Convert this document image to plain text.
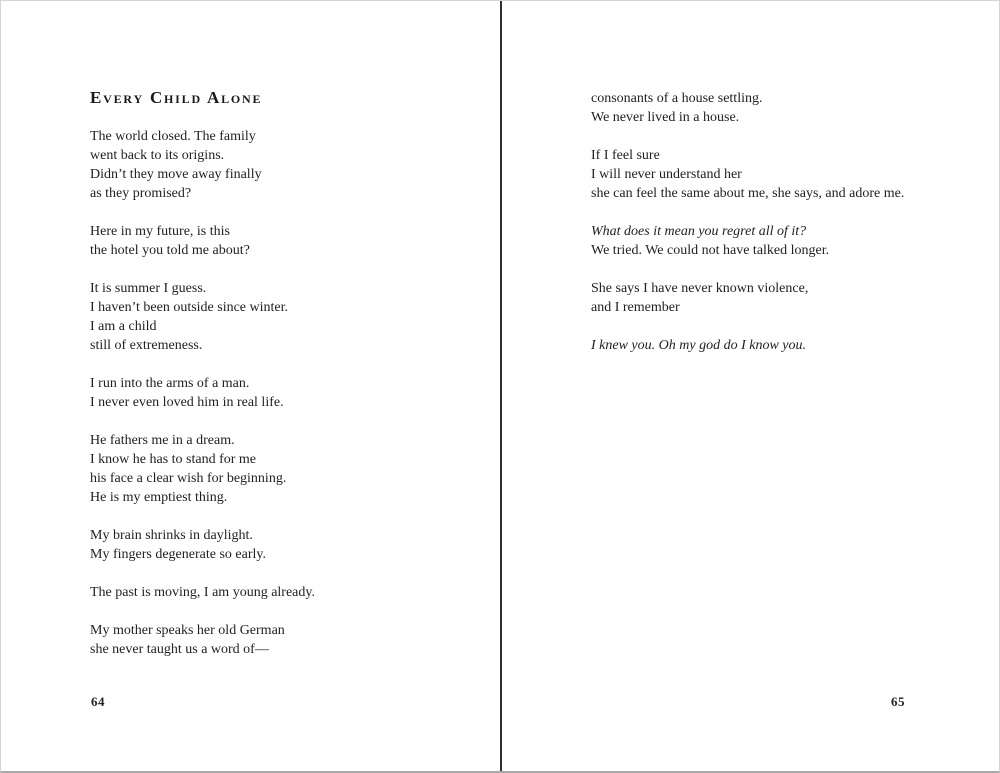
Every Child Alone
The world closed. The family
went back to its origins.
Didn’t they move away finally
as they promised?
Here in my future, is this
the hotel you told me about?
It is summer I guess.
I haven’t been outside since winter.
I am a child
still of extremeness.
I run into the arms of a man.
I never even loved him in real life.
He fathers me in a dream.
I know he has to stand for me
his face a clear wish for beginning.
He is my emptiest thing.
My brain shrinks in daylight.
My fingers degenerate so early.
The past is moving, I am young already.
My mother speaks her old German
she never taught us a word of—
64
consonants of a house settling.
We never lived in a house.
If I feel sure
I will never understand her
she can feel the same about me, she says, and adore me.
What does it mean you regret all of it?
We tried. We could not have talked longer.
She says I have never known violence,
and I remember
I knew you. Oh my god do I know you.
65
